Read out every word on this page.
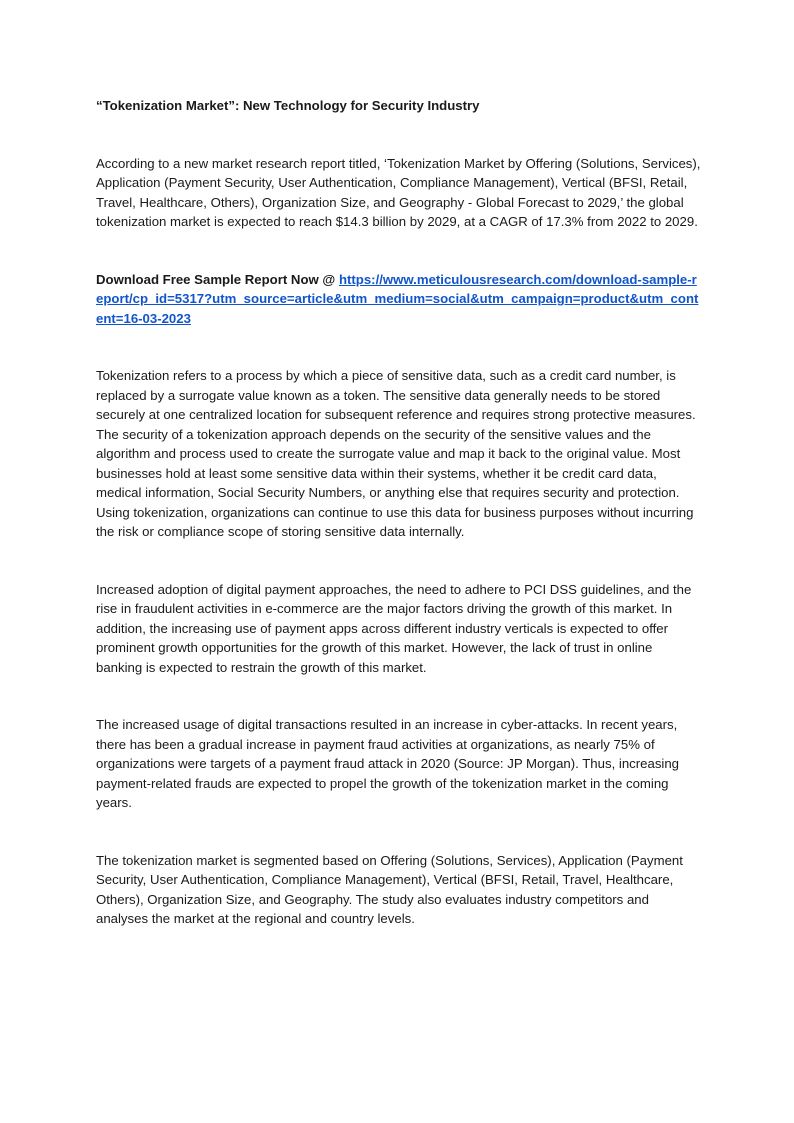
“Tokenization Market”: New Technology for Security Industry

According to a new market research report titled, ‘Tokenization Market by Offering (Solutions, Services), Application (Payment Security, User Authentication, Compliance Management), Vertical (BFSI, Retail, Travel, Healthcare, Others), Organization Size, and Geography - Global Forecast to 2029,’ the global tokenization market is expected to reach $14.3 billion by 2029, at a CAGR of 17.3% from 2022 to 2029.

Download Free Sample Report Now @ https://www.meticulousresearch.com/download-sample-report/cp_id=5317?utm_source=article&utm_medium=social&utm_campaign=product&utm_content=16-03-2023

Tokenization refers to a process by which a piece of sensitive data, such as a credit card number, is replaced by a surrogate value known as a token. The sensitive data generally needs to be stored securely at one centralized location for subsequent reference and requires strong protective measures. The security of a tokenization approach depends on the security of the sensitive values and the algorithm and process used to create the surrogate value and map it back to the original value. Most businesses hold at least some sensitive data within their systems, whether it be credit card data, medical information, Social Security Numbers, or anything else that requires security and protection. Using tokenization, organizations can continue to use this data for business purposes without incurring the risk or compliance scope of storing sensitive data internally.

Increased adoption of digital payment approaches, the need to adhere to PCI DSS guidelines, and the rise in fraudulent activities in e-commerce are the major factors driving the growth of this market. In addition, the increasing use of payment apps across different industry verticals is expected to offer prominent growth opportunities for the growth of this market. However, the lack of trust in online banking is expected to restrain the growth of this market.

The increased usage of digital transactions resulted in an increase in cyber-attacks. In recent years, there has been a gradual increase in payment fraud activities at organizations, as nearly 75% of organizations were targets of a payment fraud attack in 2020 (Source: JP Morgan). Thus, increasing payment-related frauds are expected to propel the growth of the tokenization market in the coming years.

The tokenization market is segmented based on Offering (Solutions, Services), Application (Payment Security, User Authentication, Compliance Management), Vertical (BFSI, Retail, Travel, Healthcare, Others), Organization Size, and Geography. The study also evaluates industry competitors and analyses the market at the regional and country levels.
